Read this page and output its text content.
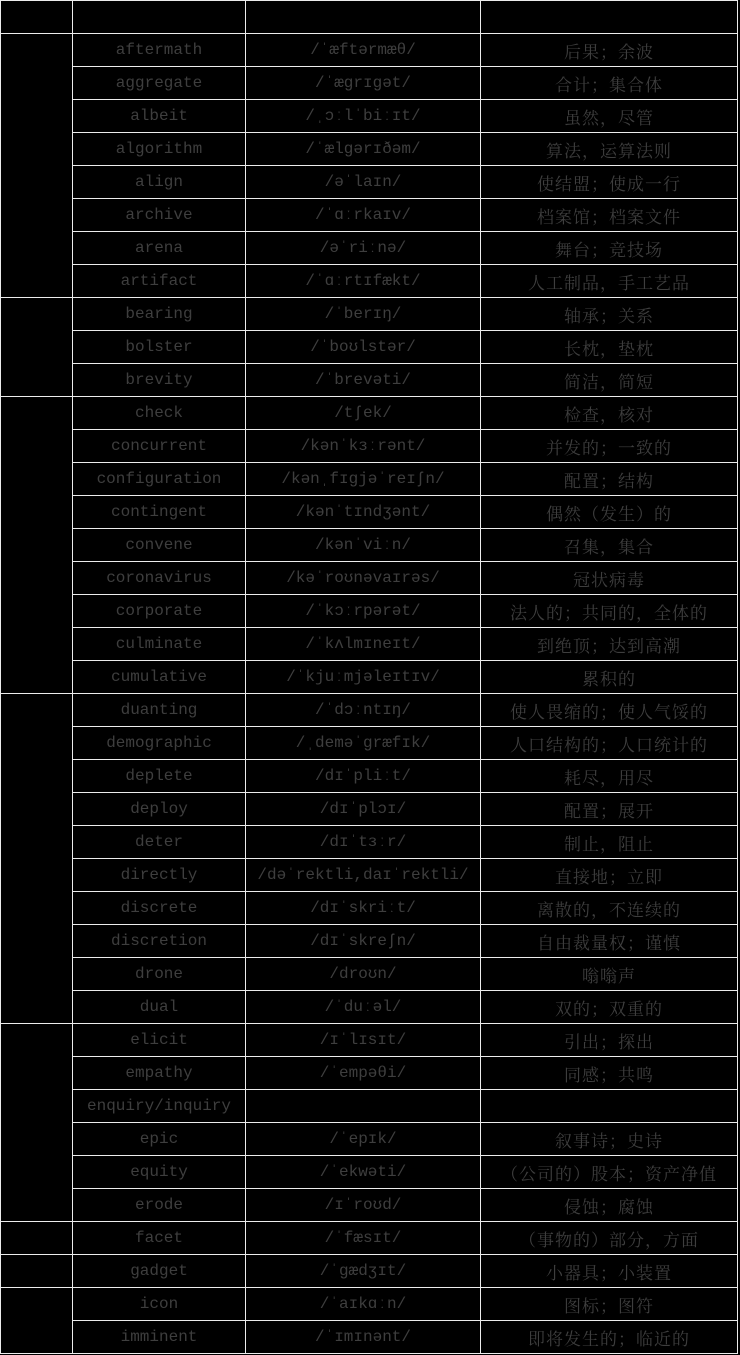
	aftermath	/ˈæftərmæθ/	后果；余波
	aggregate	/ˈægrɪgət/	合计；集合体
	albeit	/ˌɔːlˈbiːɪt/	虽然，尽管
	algorithm	/ˈælgərɪðəm/	算法，运算法则
	align	/əˈlaɪn/	使结盟；使成一行
	archive	/ˈɑːrkaɪv/	档案馆；档案文件
	arena	/əˈriːnə/	舞台；竞技场
	artifact	/ˈɑːrtɪfækt/	人工制品，手工艺品
	bearing	/ˈberɪŋ/	轴承；关系
	bolster	/ˈboʊlstər/	长枕，垫枕
	brevity	/ˈbrevəti/	简洁，简短
	check	/tʃek/	检查，核对
	concurrent	/kənˈkɜːrənt/	并发的；一致的
	configuration	/kənˌfɪgjəˈreɪʃn/	配置；结构
	contingent	/kənˈtɪndʒənt/	偶然（发生）的
	convene	/kənˈviːn/	召集，集合
	coronavirus	/kəˈroʊnəvaɪrəs/	冠状病毒
	corporate	/ˈkɔːrpərət/	法人的；共同的，全体的
	culminate	/ˈkʌlmɪneɪt/	到绝顶；达到高潮
	cumulative	/ˈkjuːmjəleɪtɪv/	累积的
	duanting	/ˈdɔːntɪŋ/	使人畏缩的；使人气馁的
	demographic	/ˌdeməˈgræfɪk/	人口结构的；人口统计的
	deplete	/dɪˈpliːt/	耗尽，用尽
	deploy	/dɪˈplɔɪ/	配置；展开
	deter	/dɪˈtɜːr/	制止，阻止
	directly	/dəˈrektli,daɪˈrektli/	直接地；立即
	discrete	/dɪˈskriːt/	离散的，不连续的
	discretion	/dɪˈskreʃn/	自由裁量权；谨慎
	drone	/droʊn/	嗡嗡声
	dual	/ˈduːəl/	双的；双重的
	elicit	/ɪˈlɪsɪt/	引出；探出
	empathy	/ˈempəθi/	同感；共鸣
	enquiry/inquiry		
	epic	/ˈepɪk/	叙事诗；史诗
	equity	/ˈekwəti/	（公司的）股本；资产净值
	erode	/ɪˈroʊd/	侵蚀；腐蚀
	facet	/ˈfæsɪt/	（事物的）部分，方面
	gadget	/ˈgædʒɪt/	小器具；小装置
	icon	/ˈaɪkɑːn/	图标；图符
	imminent	/ˈɪmɪnənt/	即将发生的；临近的
